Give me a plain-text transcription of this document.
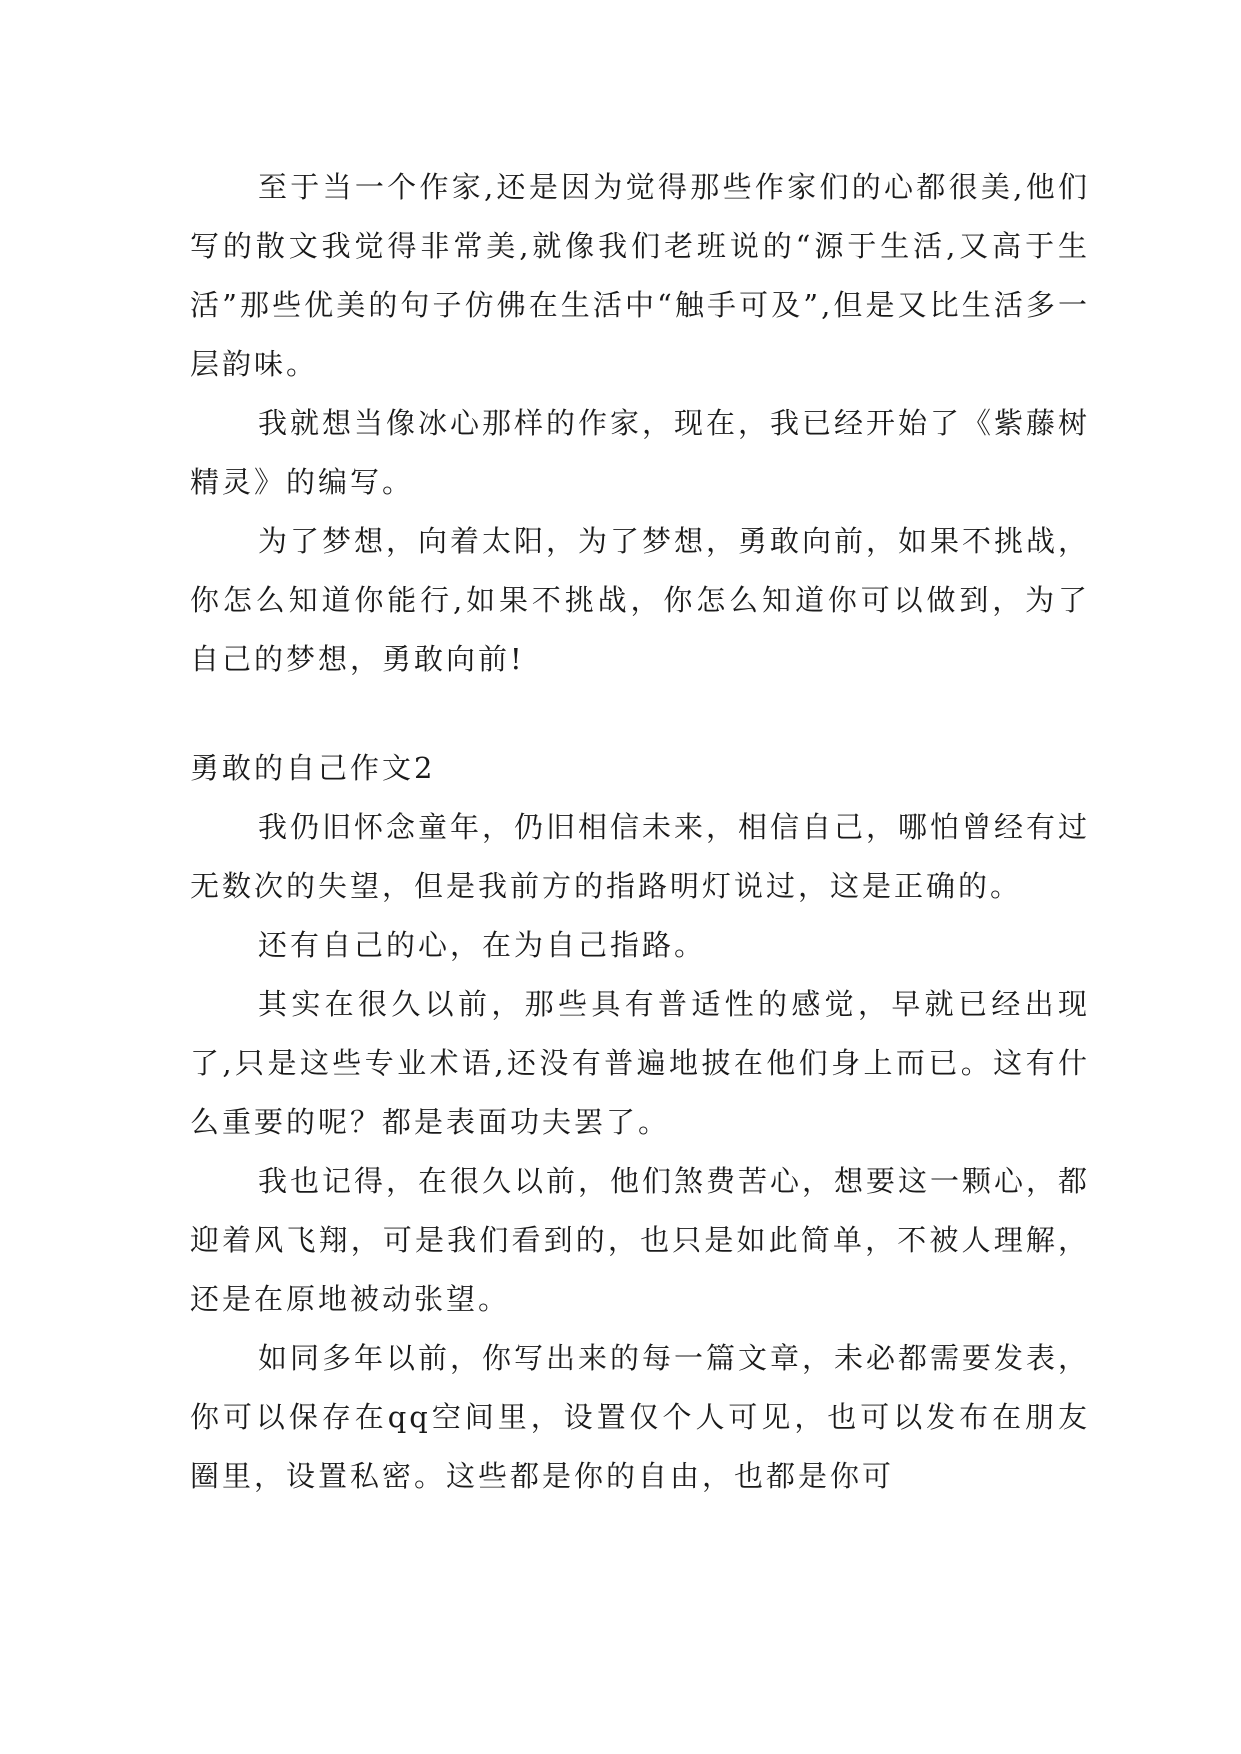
至于当一个作家,还是因为觉得那些作家们的心都很美,他们写的散文我觉得非常美,就像我们老班说的“源于生活,又高于生活”那些优美的句子仿佛在生活中“触手可及”,但是又比生活多一层韵味。

我就想当像冰心那样的作家，现在，我已经开始了《紫藤树精灵》的编写。

为了梦想，向着太阳，为了梦想，勇敢向前，如果不挑战，你怎么知道你能行,如果不挑战，你怎么知道你可以做到，为了自己的梦想，勇敢向前!

勇敢的自己作文2

我仍旧怀念童年，仍旧相信未来，相信自己，哪怕曾经有过无数次的失望，但是我前方的指路明灯说过，这是正确的。

还有自己的心，在为自己指路。

其实在很久以前，那些具有普适性的感觉，早就已经出现了,只是这些专业术语,还没有普遍地披在他们身上而已。这有什么重要的呢？都是表面功夫罢了。

我也记得，在很久以前，他们煞费苦心，想要这一颗心，都迎着风飞翔，可是我们看到的，也只是如此简单，不被人理解，还是在原地被动张望。

如同多年以前，你写出来的每一篇文章，未必都需要发表，你可以保存在qq空间里，设置仅个人可见，也可以发布在朋友圈里，设置私密。这些都是你的自由，也都是你可
